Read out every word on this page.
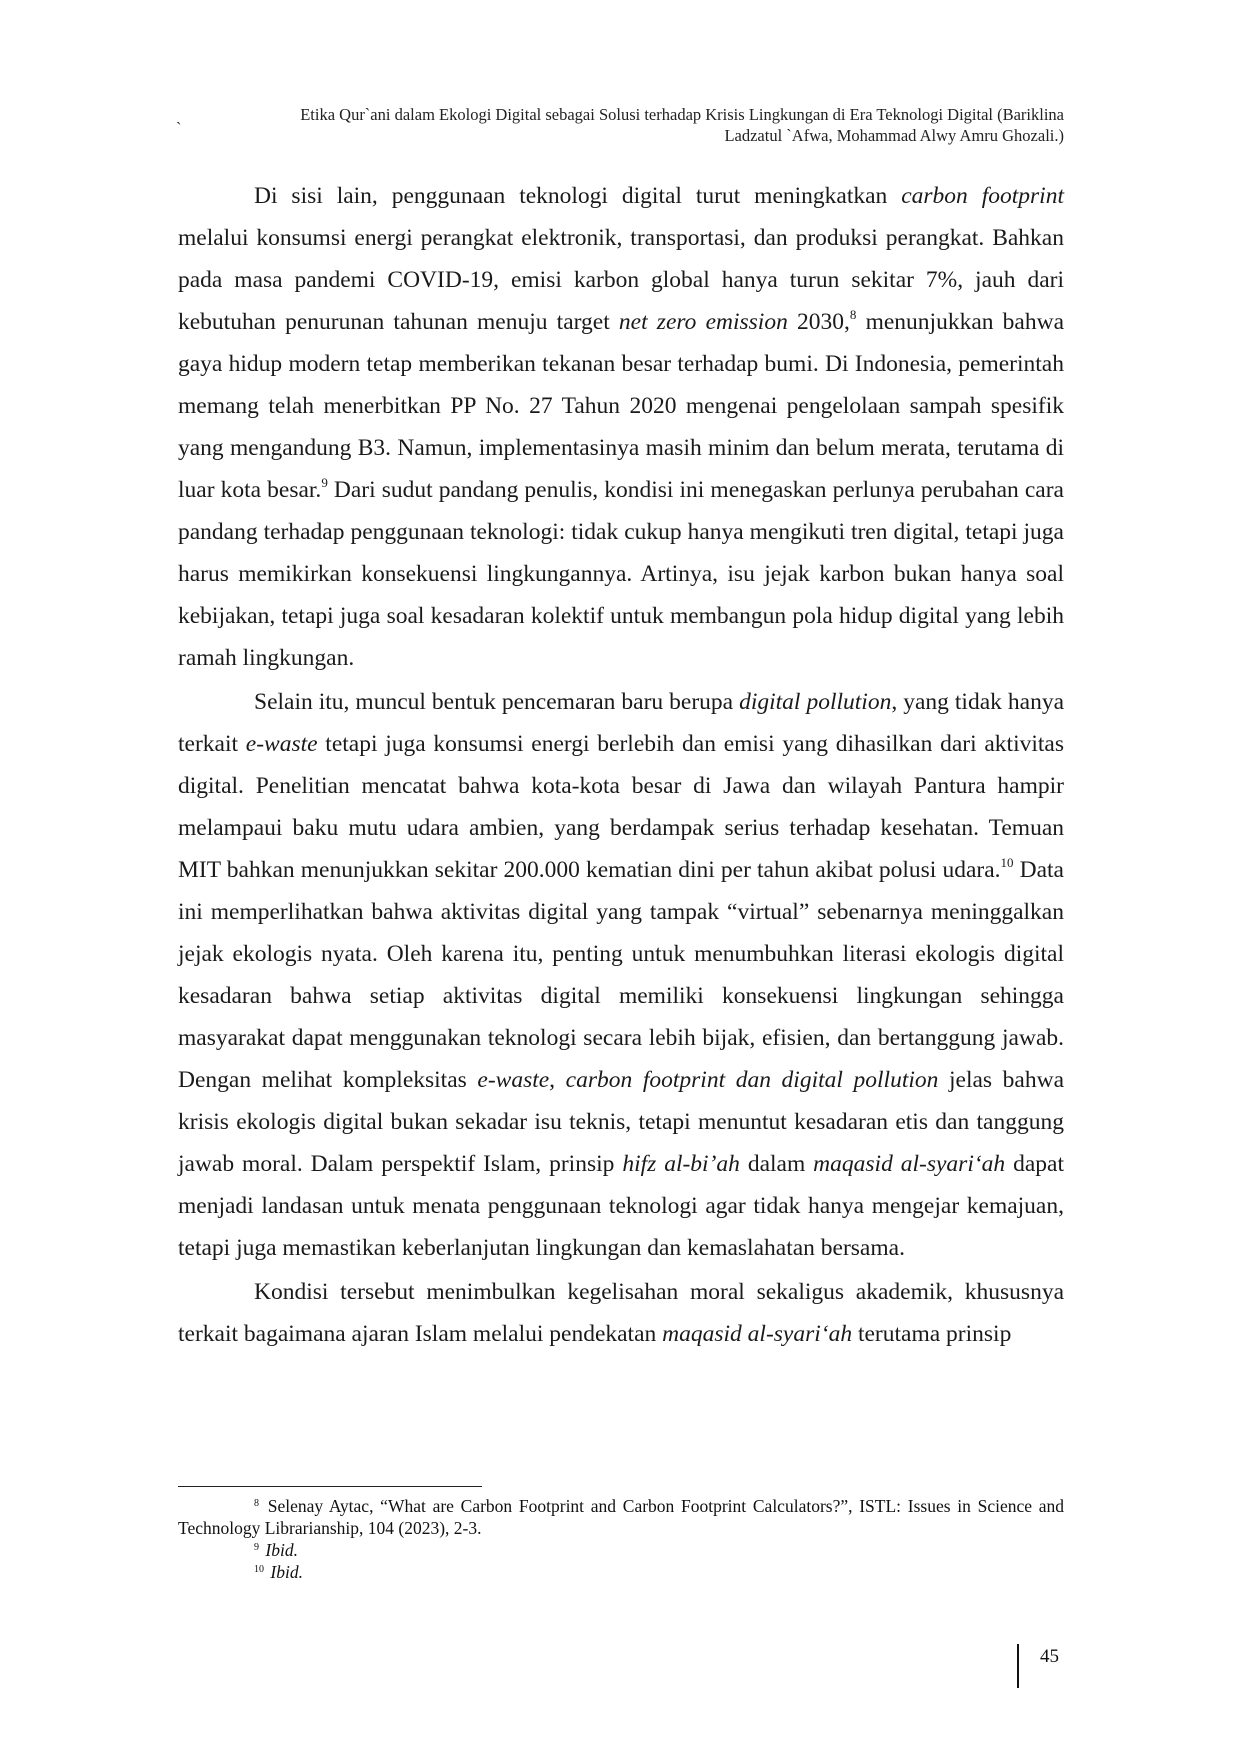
Etika Qur`ani dalam Ekologi Digital sebagai Solusi terhadap Krisis Lingkungan di Era Teknologi Digital (Bariklina
Ladzatul `Afwa, Mohammad Alwy Amru Ghozali.)
`

Di sisi lain, penggunaan teknologi digital turut meningkatkan carbon footprint melalui konsumsi energi perangkat elektronik, transportasi, dan produksi perangkat. Bahkan pada masa pandemi COVID-19, emisi karbon global hanya turun sekitar 7%, jauh dari kebutuhan penurunan tahunan menuju target net zero emission 2030,$^8$ menunjukkan bahwa gaya hidup modern tetap memberikan tekanan besar terhadap bumi. Di Indonesia, pemerintah memang telah menerbitkan PP No. 27 Tahun 2020 mengenai pengelolaan sampah spesifik yang mengandung B3. Namun, implementasinya masih minim dan belum merata, terutama di luar kota besar.$^9$ Dari sudut pandang penulis, kondisi ini menegaskan perlunya perubahan cara pandang terhadap penggunaan teknologi: tidak cukup hanya mengikuti tren digital, tetapi juga harus memikirkan konsekuensi lingkungannya. Artinya, isu jejak karbon bukan hanya soal kebijakan, tetapi juga soal kesadaran kolektif untuk membangun pola hidup digital yang lebih ramah lingkungan.

Selain itu, muncul bentuk pencemaran baru berupa digital pollution, yang tidak hanya terkait e-waste tetapi juga konsumsi energi berlebih dan emisi yang dihasilkan dari aktivitas digital. Penelitian mencatat bahwa kota-kota besar di Jawa dan wilayah Pantura hampir melampaui baku mutu udara ambien, yang berdampak serius terhadap kesehatan. Temuan MIT bahkan menunjukkan sekitar 200.000 kematian dini per tahun akibat polusi udara.$^{10}$ Data ini memperlihatkan bahwa aktivitas digital yang tampak “virtual” sebenarnya meninggalkan jejak ekologis nyata. Oleh karena itu, penting untuk menumbuhkan literasi ekologis digital kesadaran bahwa setiap aktivitas digital memiliki konsekuensi lingkungan sehingga masyarakat dapat menggunakan teknologi secara lebih bijak, efisien, dan bertanggung jawab. Dengan melihat kompleksitas e-waste, carbon footprint dan digital pollution jelas bahwa krisis ekologis digital bukan sekadar isu teknis, tetapi menuntut kesadaran etis dan tanggung jawab moral. Dalam perspektif Islam, prinsip hifz al-bi’ah dalam maqasid al-syari‘ah dapat menjadi landasan untuk menata penggunaan teknologi agar tidak hanya mengejar kemajuan, tetapi juga memastikan keberlanjutan lingkungan dan kemaslahatan bersama.

Kondisi tersebut menimbulkan kegelisahan moral sekaligus akademik, khususnya terkait bagaimana ajaran Islam melalui pendekatan maqasid al-syari‘ah terutama prinsip

$^8$ Selenay Aytac, “What are Carbon Footprint and Carbon Footprint Calculators?”, ISTL: Issues in Science and Technology Librarianship, 104 (2023), 2-3.

$^9$ Ibid.

$^{10}$ Ibid.

45
